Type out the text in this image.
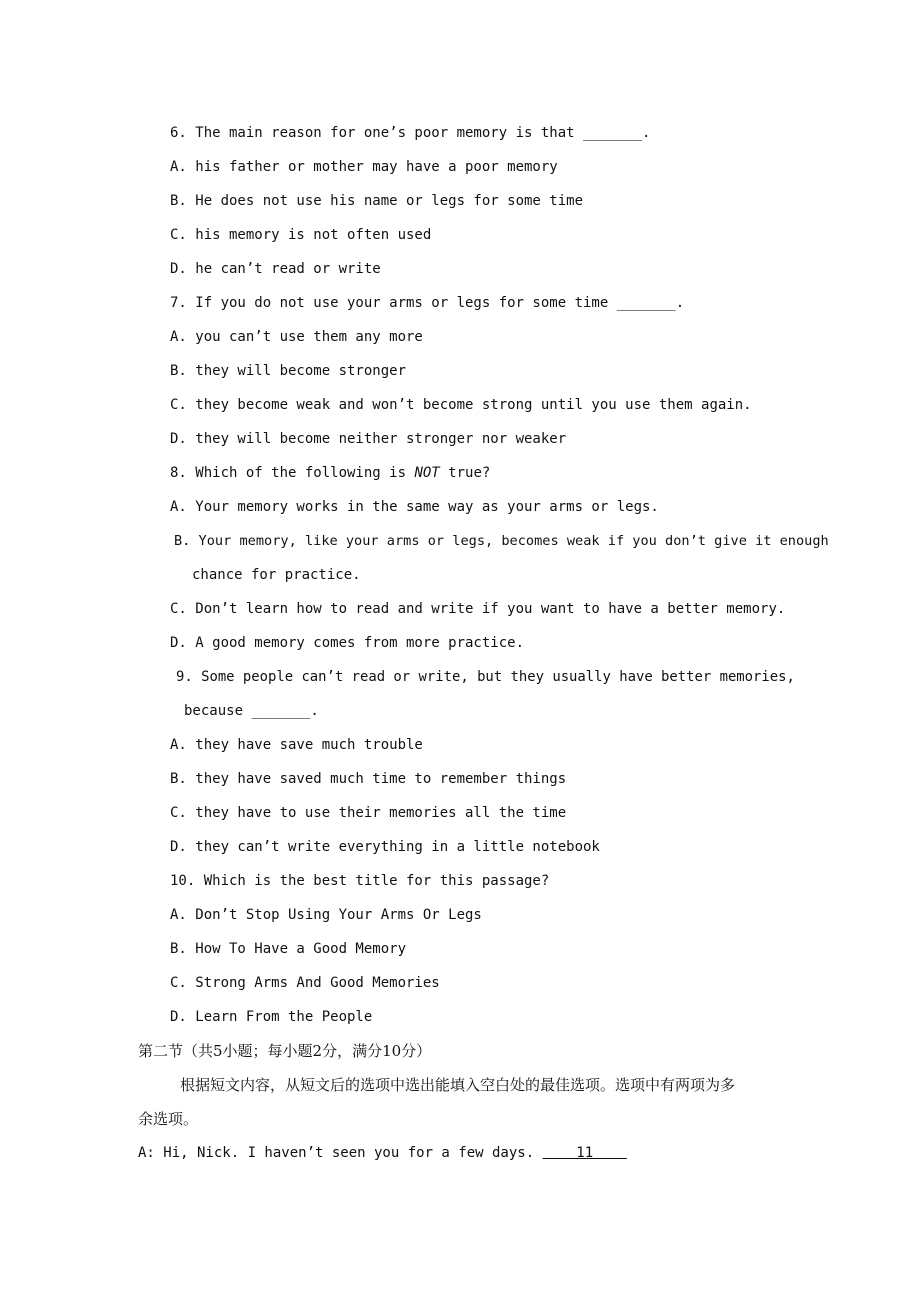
6. The main reason for one’s poor memory is that _______.
A. his father or mother may have a poor memory
B. He does not use his name or legs for some time
C. his memory is not often used
D. he can’t read or write
7. If you do not use your arms or legs for some time _______.
A. you can’t use them any more
B. they will become stronger
C. they become weak and won’t become strong until you use them again.
D. they will become neither stronger nor weaker
8. Which of the following is NOT true?
A. Your memory works in the same way as your arms or legs.
B. Your memory, like your arms or legs, becomes weak if you don’t give it enough
chance for practice.
C. Don’t learn how to read and write if you want to have a better memory.
D. A good memory comes from more practice.
9. Some people can’t read or write, but they usually have better memories,
because _______.
A. they have save much trouble
B. they have saved much time to remember things
C. they have to use their memories all the time
D. they can’t write everything in a little notebook
10. Which is the best title for this passage?
A. Don’t Stop Using Your Arms Or Legs
B. How To Have a Good Memory
C. Strong Arms And Good Memories
D. Learn From the People
第二节（共5小题；每小题2分，满分10分）
根据短文内容，从短文后的选项中选出能填入空白处的最佳选项。选项中有两项为多
余选项。
A: Hi, Nick. I haven’t seen you for a few days.     11
